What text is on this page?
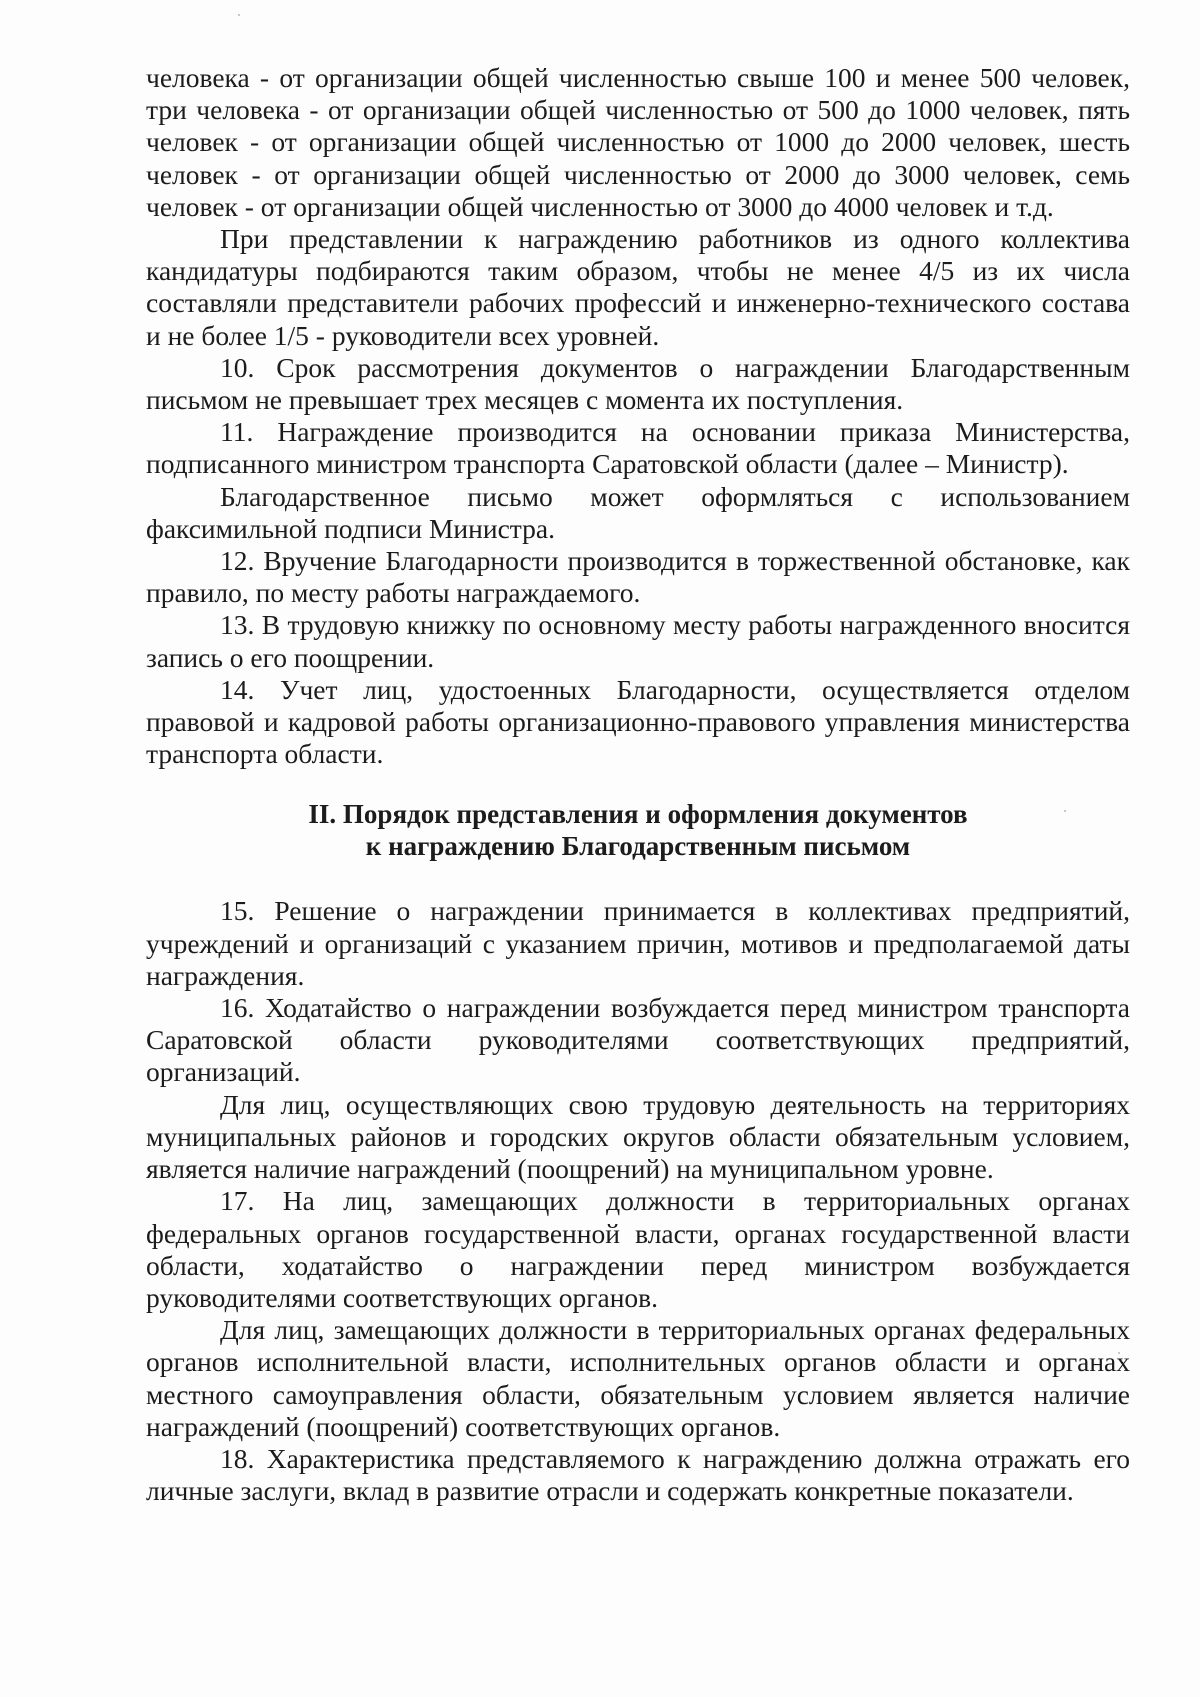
человека - от организации общей численностью свыше 100 и менее 500 человек, три человека - от организации общей численностью от 500 до 1000 человек, пять человек - от организации общей численностью от 1000 до 2000 человек, шесть человек - от организации общей численностью от 2000 до 3000 человек, семь человек - от организации общей численностью от 3000 до 4000 человек и т.д.

При представлении к награждению работников из одного коллектива кандидатуры подбираются таким образом, чтобы не менее 4/5 из их числа составляли представители рабочих профессий и инженерно-технического состава и не более 1/5 - руководители всех уровней.

10. Срок рассмотрения документов о награждении Благодарственным письмом не превышает трех месяцев с момента их поступления.

11. Награждение производится на основании приказа Министерства, подписанного министром транспорта Саратовской области (далее – Министр).

Благодарственное письмо может оформляться с использованием факсимильной подписи Министра.

12. Вручение Благодарности производится в торжественной обстановке, как правило, по месту работы награждаемого.

13. В трудовую книжку по основному месту работы награжденного вносится запись о его поощрении.

14. Учет лиц, удостоенных Благодарности, осуществляется отделом правовой и кадровой работы организационно-правового управления министерства транспорта области.

II. Порядок представления и оформления документов
к награждению Благодарственным письмом

15. Решение о награждении принимается в коллективах предприятий, учреждений и организаций с указанием причин, мотивов и предполагаемой даты награждения.

16. Ходатайство о награждении возбуждается перед министром транспорта Саратовской области руководителями соответствующих предприятий, организаций.

Для лиц, осуществляющих свою трудовую деятельность на территориях муниципальных районов и городских округов области обязательным условием, является наличие награждений (поощрений) на муниципальном уровне.

17. На лиц, замещающих должности в территориальных органах федеральных органов государственной власти, органах государственной власти области, ходатайство о награждении перед министром возбуждается руководителями соответствующих органов.

Для лиц, замещающих должности в территориальных органах федеральных органов исполнительной власти, исполнительных органов области и органах местного самоуправления области, обязательным условием является наличие награждений (поощрений) соответствующих органов.

18. Характеристика представляемого к награждению должна отражать его личные заслуги, вклад в развитие отрасли и содержать конкретные показатели.
